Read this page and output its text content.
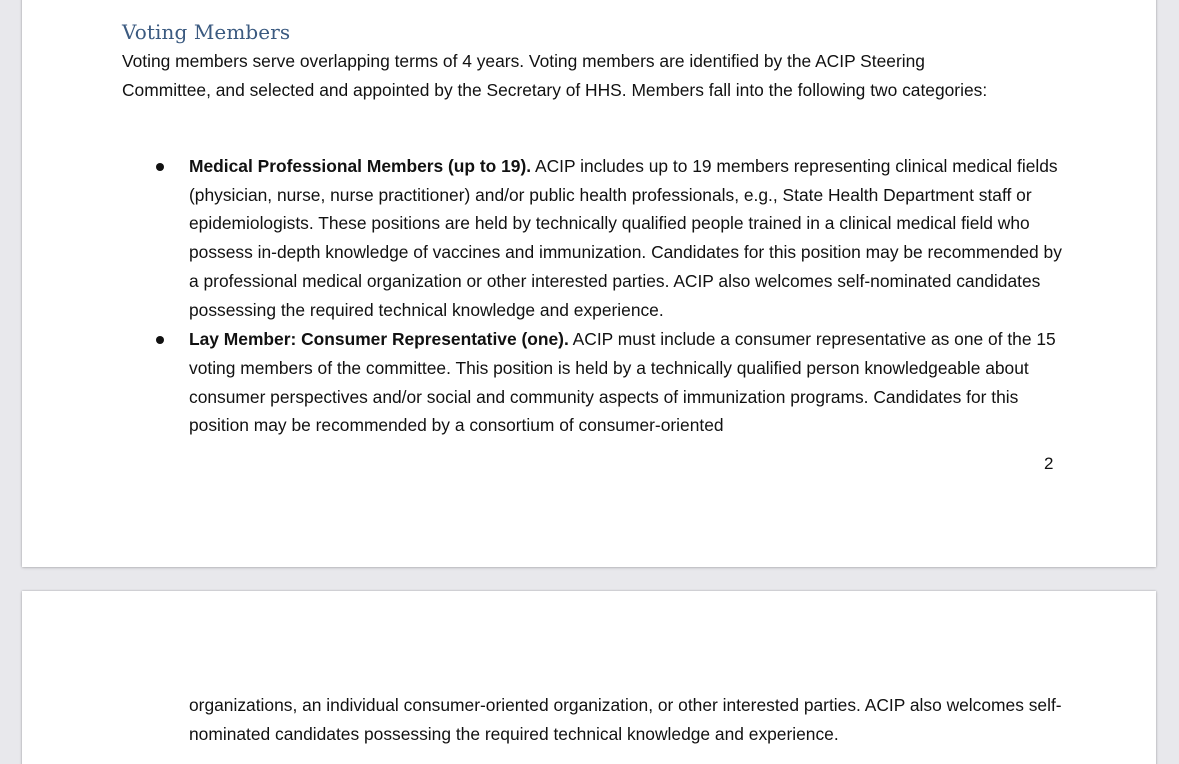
Voting Members

Voting members serve overlapping terms of 4 years. Voting members are identified by the ACIP Steering Committee, and selected and appointed by the Secretary of HHS. Members fall into the following two categories:

Medical Professional Members (up to 19). ACIP includes up to 19 members representing clinical medical fields (physician, nurse, nurse practitioner) and/or public health professionals, e.g., State Health Department staff or epidemiologists. These positions are held by technically qualified people trained in a clinical medical field who possess in-depth knowledge of vaccines and immunization. Candidates for this position may be recommended by a professional medical organization or other interested parties. ACIP also welcomes self-nominated candidates possessing the required technical knowledge and experience.
Lay Member: Consumer Representative (one). ACIP must include a consumer representative as one of the 15 voting members of the committee. This position is held by a technically qualified person knowledgeable about consumer perspectives and/or social and community aspects of immunization programs. Candidates for this position may be recommended by a consortium of consumer-oriented
2

organizations, an individual consumer-oriented organization, or other interested parties. ACIP also welcomes self-nominated candidates possessing the required technical knowledge and experience.
